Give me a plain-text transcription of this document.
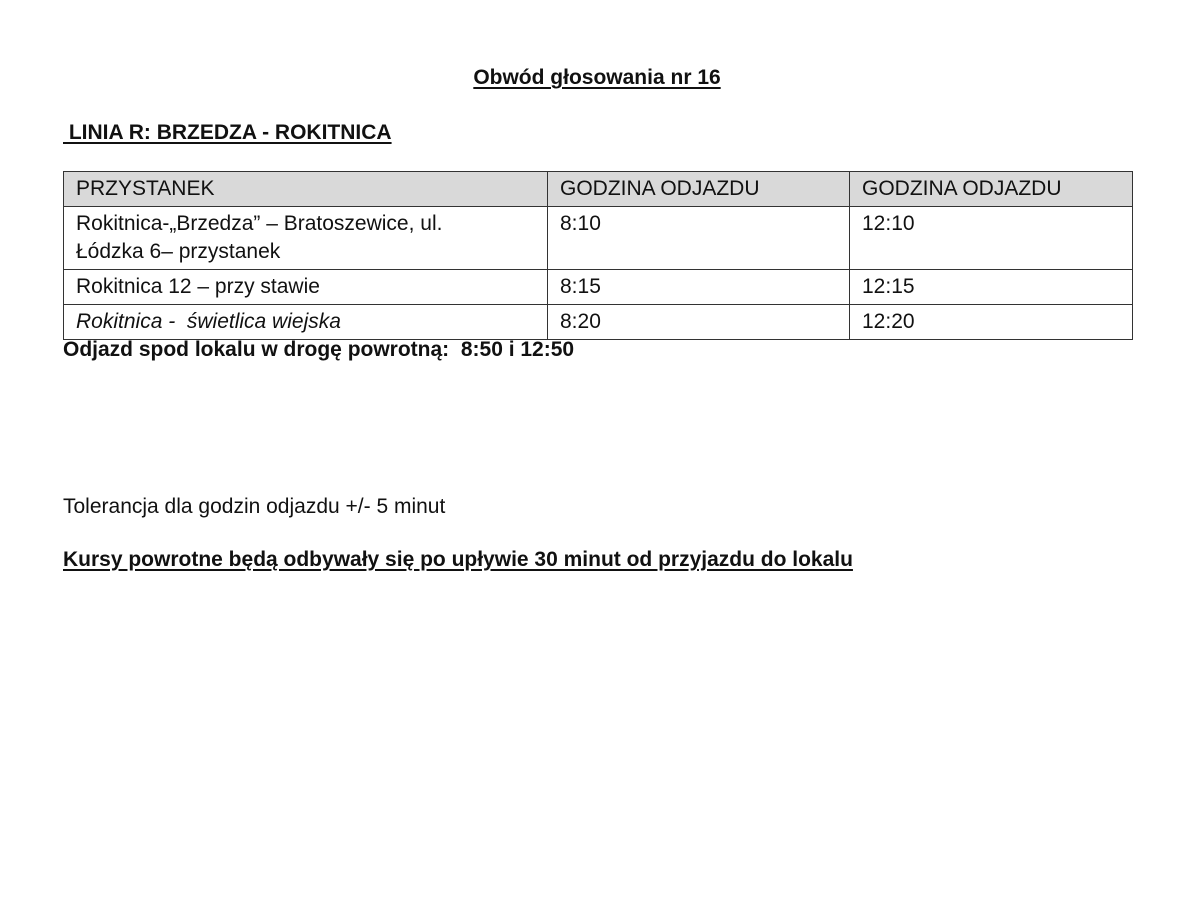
Obwód głosowania nr 16
LINIA R: BRZEDZA - ROKITNICA
PRZYSTANEK	GODZINA ODJAZDU	GODZINA ODJAZDU

Rokitnica-„Brzedza” – Bratoszewice, ul.
Łódzka 6– przystanek	8:10	12:10
Rokitnica 12 – przy stawie	8:15	12:15
Rokitnica -  świetlica wiejska	8:20	12:20
Odjazd spod lokalu w drogę powrotną:  8:50 i 12:50
Tolerancja dla godzin odjazdu +/- 5 minut
Kursy powrotne będą odbywały się po upływie 30 minut od przyjazdu do lokalu
